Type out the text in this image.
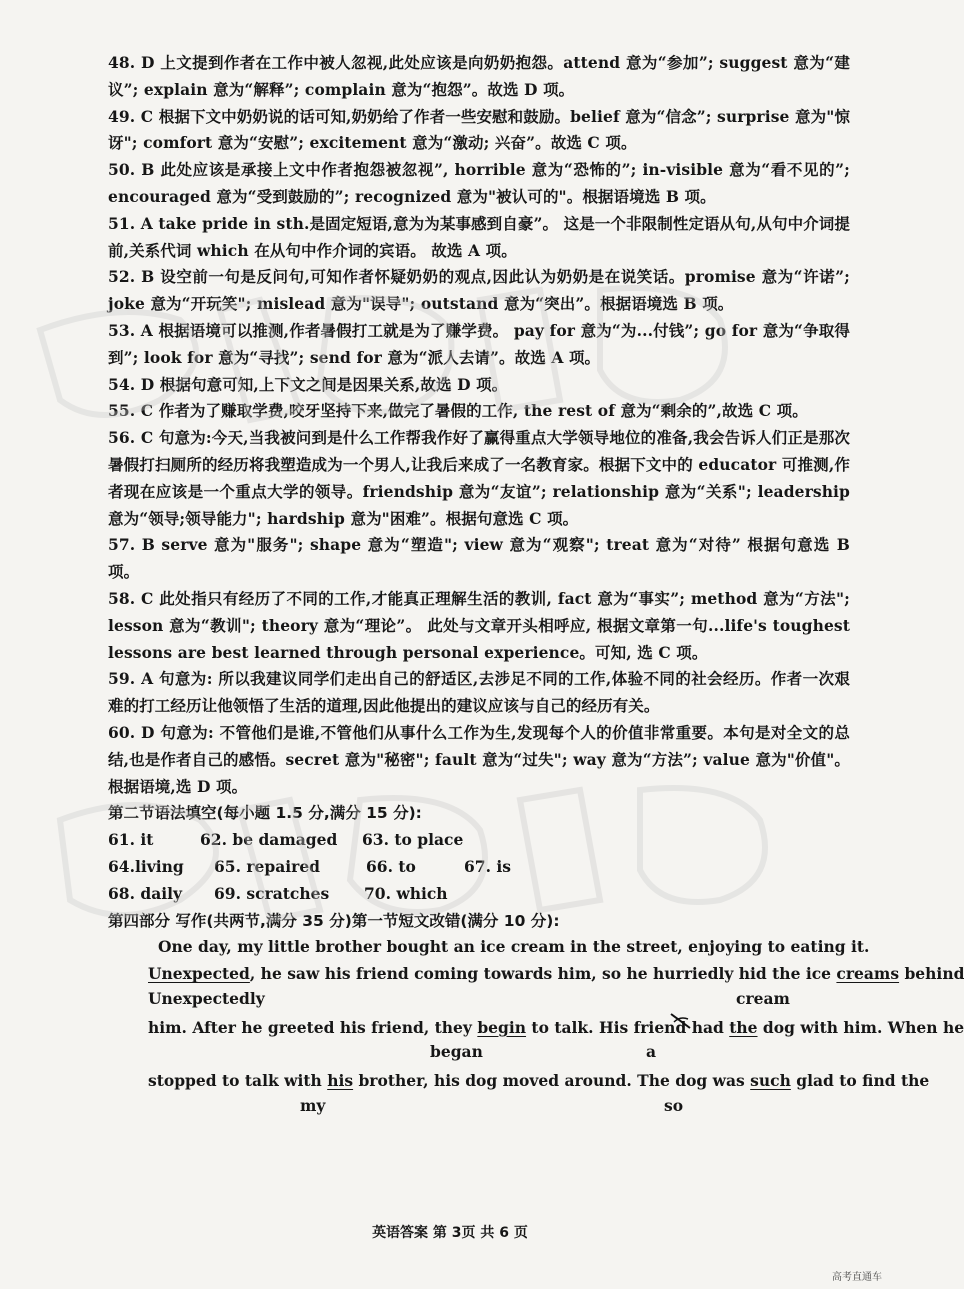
48. D 上文提到作者在工作中被人忽视,此处应该是向奶奶抱怨。attend 意为“参加”; suggest 意为“建议”; explain 意为“解释”; complain 意为“抱怨”。故选 D 项。

49. C 根据下文中奶奶说的话可知,奶奶给了作者一些安慰和鼓励。belief 意为“信念”; surprise 意为"惊讶"; comfort 意为“安慰”; excitement 意为“激动; 兴奋”。故选 C 项。

50. B 此处应该是承接上文中作者抱怨被忽视”, horrible 意为“恐怖的”; in-visible 意为“看不见的”; encouraged 意为“受到鼓励的”; recognized 意为"被认可的"。根据语境选 B 项。

51. A take pride in sth.是固定短语,意为为某事感到自豪”。 这是一个非限制性定语从句,从句中介词提前,关系代词 which 在从句中作介词的宾语。 故选 A 项。

52. B 设空前一句是反问句,可知作者怀疑奶奶的观点,因此认为奶奶是在说笑话。promise 意为“许诺”; joke 意为“开玩笑"; mislead 意为"误导"; outstand 意为“突出”。根据语境选 B 项。

53. A 根据语境可以推测,作者暑假打工就是为了赚学费。 pay for 意为“为...付钱”; go for 意为“争取得到”; look for 意为“寻找”; send for 意为“派人去请”。故选 A 项。

54. D 根据句意可知,上下文之间是因果关系,故选 D 项。

55. C 作者为了赚取学费,咬牙坚持下来,做完了暑假的工作, the rest of 意为“剩余的”,故选 C 项。

56. C 句意为:今天,当我被问到是什么工作帮我作好了赢得重点大学领导地位的准备,我会告诉人们正是那次暑假打扫厕所的经历将我塑造成为一个男人,让我后来成了一名教育家。根据下文中的 educator 可推测,作者现在应该是一个重点大学的领导。friendship 意为“友谊”; relationship 意为“关系"; leadership 意为“领导;领导能力"; hardship 意为"困难”。根据句意选 C 项。

57. B serve 意为"服务"; shape 意为“塑造"; view 意为“观察"; treat 意为“对待” 根据句意选 B 项。

58. C 此处指只有经历了不同的工作,才能真正理解生活的教训, fact 意为“事实”; method 意为“方法"; lesson 意为“教训"; theory 意为“理论”。 此处与文章开头相呼应, 根据文章第一句...life's toughest lessons are best learned through personal experience。可知, 选 C 项。

59. A 句意为: 所以我建议同学们走出自己的舒适区,去涉足不同的工作,体验不同的社会经历。作者一次艰难的打工经历让他领悟了生活的道理,因此他提出的建议应该与自己的经历有关。

60. D 句意为: 不管他们是谁,不管他们从事什么工作为生,发现每个人的价值非常重要。本句是对全文的总结,也是作者自己的感悟。secret 意为"秘密"; fault 意为“过失"; way 意为“方法”; value 意为"价值"。根据语境,选 D 项。

第二节语法填空(每小题 1.5 分,满分 15 分):

61. it	62. be damaged	63. to place
64.living	65. repaired	66. to	67. is
68. daily	69. scratches	70. which

第四部分 写作(共两节,满分 35 分)第一节短文改错(满分 10 分):

One day, my little brother bought an ice cream in the street, enjoying to eating it.
Unexpected, he saw his friend coming towards him, so he hurriedly hid the ice creams behind
Unexpectedly	cream
him. After he greeted his friend, they begin to talk. His friend had the dog with him. When he
began	a
stopped to talk with his brother, his dog moved around. The dog was such glad to find the
my	so
英语答案 第 3页 共 6 页
高考直通车
